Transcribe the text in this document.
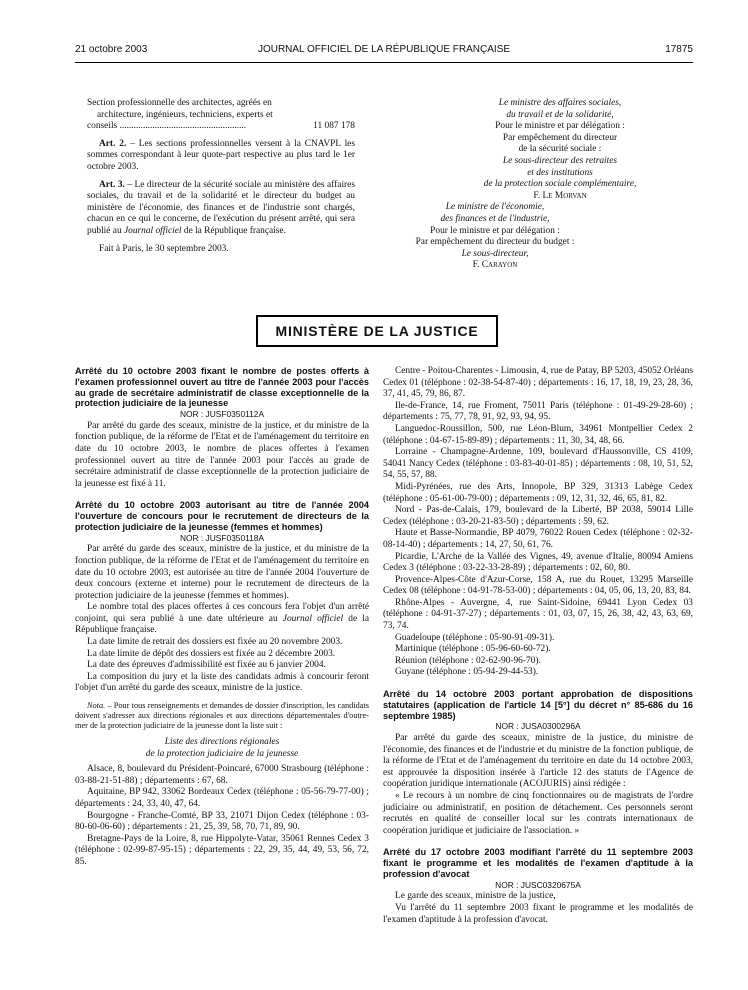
21 octobre 2003	JOURNAL OFFICIEL DE LA RÉPUBLIQUE FRANÇAISE	17875

Section professionnelle des architectes, agréés en
architecture, ingénieurs, techniciens, experts et

conseils ......................................................	11 087 178

Art. 2. – Les sections professionnelles versent à la CNAVPL les sommes correspondant à leur quote-part respective au plus tard le 1er octobre 2003.

Art. 3. – Le directeur de la sécurité sociale au ministère des affaires sociales, du travail et de la solidarité et le directeur du budget au ministère de l'économie, des finances et de l'industrie sont chargés, chacun en ce qui le concerne, de l'exécution du présent arrêté, qui sera publié au Journal officiel de la République française.

Fait à Paris, le 30 septembre 2003.

Le ministre des affaires sociales,

du travail et de la solidarité,

Pour le ministre et par délégation :

Par empêchement du directeur

de la sécurité sociale :

Le sous-directeur des retraites

et des institutions

de la protection sociale complémentaire,

F. Le Morvan

Le ministre de l'économie,

des finances et de l'industrie,

Pour le ministre et par délégation :

Par empêchement du directeur du budget :

Le sous-directeur,

F. Carayon

MINISTÈRE DE LA JUSTICE

Arrêté du 10 octobre 2003 fixant le nombre de postes offerts à l'examen professionnel ouvert au titre de l'année 2003 pour l'accès au grade de secrétaire administratif de classe exceptionnelle de la protection judiciaire de la jeunesse

NOR : JUSF0350112A

Par arrêté du garde des sceaux, ministre de la justice, et du ministre de la fonction publique, de la réforme de l'Etat et de l'aménagement du territoire en date du 10 octobre 2003, le nombre de places offertes à l'examen professionnel ouvert au titre de l'année 2003 pour l'accès au grade de secrétaire administratif de classe exceptionnelle de la protection judiciaire de la jeunesse est fixé à 11.

Arrêté du 10 octobre 2003 autorisant au titre de l'année 2004 l'ouverture de concours pour le recrutement de directeurs de la protection judiciaire de la jeunesse (femmes et hommes)

NOR : JUSF0350118A

Par arrêté du garde des sceaux, ministre de la justice, et du ministre de la fonction publique, de la réforme de l'Etat et de l'aménagement du territoire en date du 10 octobre 2003, est autorisée au titre de l'année 2004 l'ouverture de deux concours (externe et interne) pour le recrutement de directeurs de la protection judiciaire de la jeunesse (femmes et hommes).

Le nombre total des places offertes à ces concours fera l'objet d'un arrêté conjoint, qui sera publié à une date ultérieure au Journal officiel de la République française.

La date limite de retrait des dossiers est fixée au 20 novembre 2003.

La date limite de dépôt des dossiers est fixée au 2 décembre 2003.

La date des épreuves d'admissibilité est fixée au 6 janvier 2004.

La composition du jury et la liste des candidats admis à concourir feront l'objet d'un arrêté du garde des sceaux, ministre de la justice.

Nota. – Pour tous renseignements et demandes de dossier d'inscription, les candidats doivent s'adresser aux directions régionales et aux directions départementales d'outre-mer de la protection judiciaire de la jeunesse dont la liste suit :

Liste des directions régionales

de la protection judiciaire de la jeunesse

Alsace, 8, boulevard du Président-Poincaré, 67000 Strasbourg (téléphone : 03-88-21-51-88) ; départements : 67, 68.

Aquitaine, BP 942, 33062 Bordeaux Cedex (téléphone : 05-56-79-77-00) ; départements : 24, 33, 40, 47, 64.

Bourgogne - Franche-Comté, BP 33, 21071 Dijon Cedex (téléphone : 03-80-60-06-60) ; départements : 21, 25, 39, 58, 70, 71, 89, 90.

Bretagne-Pays de la Loire, 8, rue Hippolyte-Vatar, 35061 Rennes Cedex 3 (téléphone : 02-99-87-95-15) ; départements : 22, 29, 35, 44, 49, 53, 56, 72, 85.

Centre - Poitou-Charentes - Limousin, 4, rue de Patay, BP 5203, 45052 Orléans Cedex 01 (téléphone : 02-38-54-87-40) ; départements : 16, 17, 18, 19, 23, 28, 36, 37, 41, 45, 79, 86, 87.

Ile-de-France, 14, rue Froment, 75011 Paris (téléphone : 01-49-29-28-60) ; départements : 75, 77, 78, 91, 92, 93, 94, 95.

Languedoc-Roussillon, 500, rue Léon-Blum, 34961 Montpellier Cedex 2 (téléphone : 04-67-15-89-89) ; départements : 11, 30, 34, 48, 66.

Lorraine - Champagne-Ardenne, 109, boulevard d'Haussonville, CS 4109, 54041 Nancy Cedex (téléphone : 03-83-40-01-85) ; départements : 08, 10, 51, 52, 54, 55, 57, 88.

Midi-Pyrénées, rue des Arts, Innopole, BP 329, 31313 Labège Cedex (téléphone : 05-61-00-79-00) ; départements : 09, 12, 31, 32, 46, 65, 81, 82.

Nord - Pas-de-Calais, 179, boulevard de la Liberté, BP 2038, 59014 Lille Cedex (téléphone : 03-20-21-83-50) ; départements : 59, 62.

Haute et Basse-Normandie, BP 4079, 76022 Rouen Cedex (téléphone : 02-32-08-14-40) ; départements : 14, 27, 50, 61, 76.

Picardie, L'Arche de la Vallée des Vignes, 49, avenue d'Italie, 80094 Amiens Cedex 3 (téléphone : 03-22-33-28-89) ; départements : 02, 60, 80.

Provence-Alpes-Côte d'Azur-Corse, 158 A, rue du Rouet, 13295 Marseille Cedex 08 (téléphone : 04-91-78-53-00) ; départements : 04, 05, 06, 13, 20, 83, 84.

Rhône-Alpes - Auvergne, 4, rue Saint-Sidoine, 69441 Lyon Cedex 03 (téléphone : 04-91-37-27) ; départements : 01, 03, 07, 15, 26, 38, 42, 43, 63, 69, 73, 74.

Guadeloupe (téléphone : 05-90-91-09-31).

Martinique (téléphone : 05-96-60-60-72).

Réunion (téléphone : 02-62-90-96-70).

Guyane (téléphone : 05-94-29-44-53).

Arrêté du 14 octobre 2003 portant approbation de dispositions statutaires (application de l'article 14 [5°] du décret n° 85-686 du 16 septembre 1985)

NOR : JUSA0300296A

Par arrêté du garde des sceaux, ministre de la justice, du ministre de l'économie, des finances et de l'industrie et du ministre de la fonction publique, de la réforme de l'Etat et de l'aménagement du territoire en date du 14 octobre 2003, est approuvée la disposition insérée à l'article 12 des statuts de l'Agence de coopération juridique internationale (ACOJURIS) ainsi rédigée :

« Le recours à un nombre de cinq fonctionnaires ou de magistrats de l'ordre judiciaire ou administratif, en position de détachement. Ces personnels seront recrutés en qualité de conseiller local sur les contrats internationaux de coopération juridique et judiciaire de l'association. »

Arrêté du 17 octobre 2003 modifiant l'arrêté du 11 septembre 2003 fixant le programme et les modalités de l'examen d'aptitude à la profession d'avocat

NOR : JUSC0320675A

Le garde des sceaux, ministre de la justice,

Vu l'arrêté du 11 septembre 2003 fixant le programme et les modalités de l'examen d'aptitude à la profession d'avocat.
